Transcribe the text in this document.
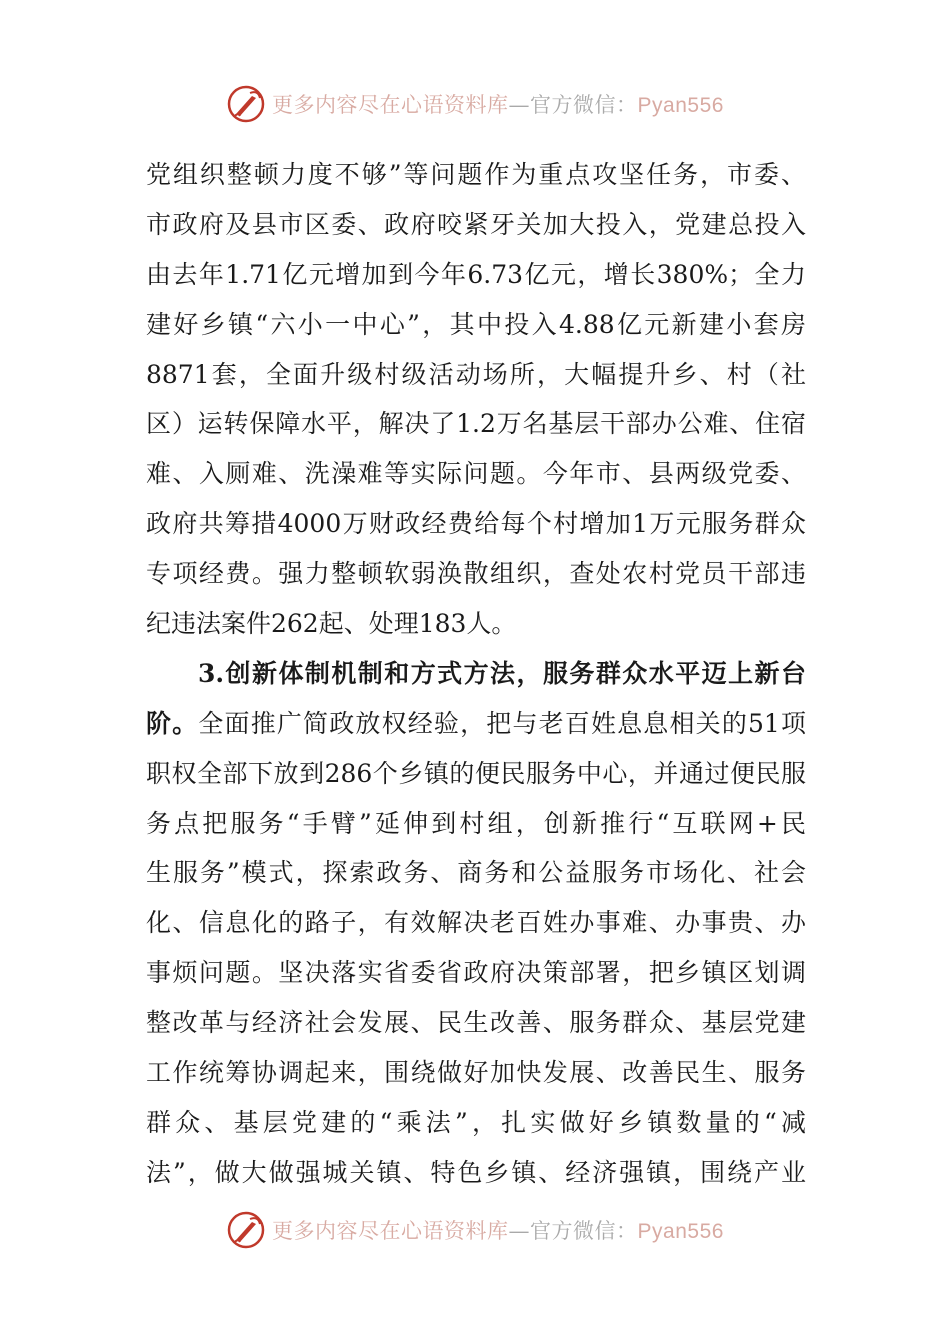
更多内容尽在心语资料库—官方微信：Pyan556
党组织整顿力度不够”等问题作为重点攻坚任务，市委、
市政府及县市区委、政府咬紧牙关加大投入，党建总投入
由去年1.71亿元增加到今年6.73亿元，增长380%；全力
建好乡镇“六小一中心”，其中投入4.88亿元新建小套房
8871套，全面升级村级活动场所，大幅提升乡、村（社
区）运转保障水平，解决了1.2万名基层干部办公难、住宿
难、入厕难、洗澡难等实际问题。今年市、县两级党委、
政府共筹措4000万财政经费给每个村增加1万元服务群众
专项经费。强力整顿软弱涣散组织，查处农村党员干部违
纪违法案件262起、处理183人。
3.创新体制机制和方式方法，服务群众水平迈上新台
阶。全面推广简政放权经验，把与老百姓息息相关的51项
职权全部下放到286个乡镇的便民服务中心，并通过便民服
务点把服务“手臂”延伸到村组，创新推行“互联网+民
生服务”模式，探索政务、商务和公益服务市场化、社会
化、信息化的路子，有效解决老百姓办事难、办事贵、办
事烦问题。坚决落实省委省政府决策部署，把乡镇区划调
整改革与经济社会发展、民生改善、服务群众、基层党建
工作统筹协调起来，围绕做好加快发展、改善民生、服务
群众、基层党建的“乘法”，扎实做好乡镇数量的“减
法”，做大做强城关镇、特色乡镇、经济强镇，围绕产业
更多内容尽在心语资料库—官方微信：Pyan556
